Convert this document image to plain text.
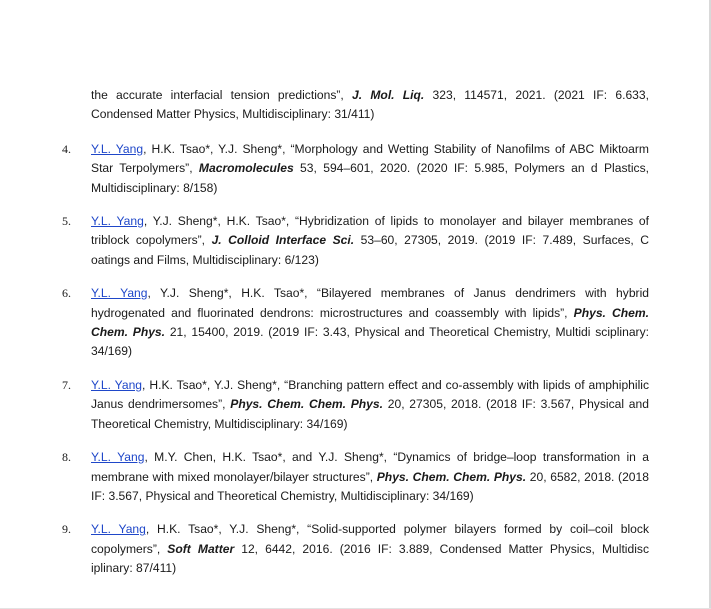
the accurate interfacial tension predictions”, J. Mol. Liq. 323, 114571, 2021. (2021 IF: 6.633, Condensed Matter Physics, Multidisciplinary: 31/411)

4. Y.L. Yang, H.K. Tsao*, Y.J. Sheng*, “Morphology and Wetting Stability of Nanofilms of ABC Miktoarm Star Terpolymers”, Macromolecules 53, 594–601, 2020. (2020 IF: 5.985, Polymers an d Plastics, Multidisciplinary: 8/158)

5. Y.L. Yang, Y.J. Sheng*, H.K. Tsao*, “Hybridization of lipids to monolayer and bilayer membranes of triblock copolymers”, J. Colloid Interface Sci. 53–60, 27305, 2019. (2019 IF: 7.489, Surfaces, C oatings and Films, Multidisciplinary: 6/123)

6. Y.L. Yang, Y.J. Sheng*, H.K. Tsao*, “Bilayered membranes of Janus dendrimers with hybrid hydrogenated and fluorinated dendrons: microstructures and coassembly with lipids”, Phys. Chem. Chem. Phys. 21, 15400, 2019. (2019 IF: 3.43, Physical and Theoretical Chemistry, Multidi sciplinary: 34/169)

7. Y.L. Yang, H.K. Tsao*, Y.J. Sheng*, “Branching pattern effect and co-assembly with lipids of amphiphilic Janus dendrimersomes”, Phys. Chem. Chem. Phys. 20, 27305, 2018. (2018 IF: 3.567, Physical and Theoretical Chemistry, Multidisciplinary: 34/169)

8. Y.L. Yang, M.Y. Chen, H.K. Tsao*, and Y.J. Sheng*, “Dynamics of bridge–loop transformation in a membrane with mixed monolayer/bilayer structures”, Phys. Chem. Chem. Phys. 20, 6582, 2018. (2018 IF: 3.567, Physical and Theoretical Chemistry, Multidisciplinary: 34/169)

9. Y.L. Yang, H.K. Tsao*, Y.J. Sheng*, “Solid-supported polymer bilayers formed by coil–coil block copolymers”, Soft Matter 12, 6442, 2016. (2016 IF: 3.889, Condensed Matter Physics, Multidisc iplinary: 87/411)
